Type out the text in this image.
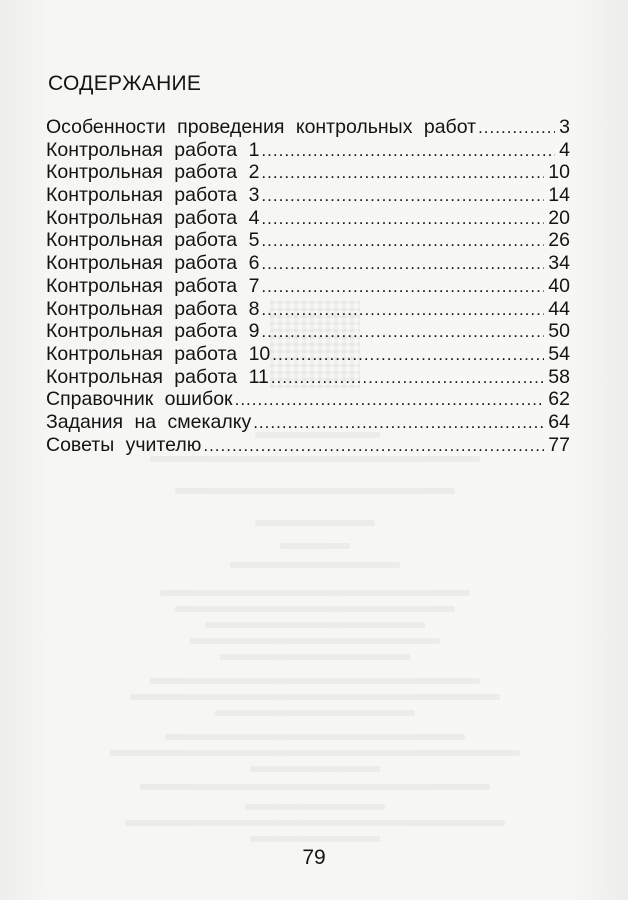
СОДЕРЖАНИЕ
Особенности проведения контрольных работ .....	3
Контрольная работа 1 .....	4
Контрольная работа 2 .....	10
Контрольная работа 3 .....	14
Контрольная работа 4 .....	20
Контрольная работа 5 .....	26
Контрольная работа 6 .....	34
Контрольная работа 7 .....	40
Контрольная работа 8 .....	44
Контрольная работа 9 .....	50
Контрольная работа 10 .....	54
Контрольная работа 11 .....	58
Справочник ошибок .....	62
Задания на смекалку .....	64
Советы учителю .....	77
79
